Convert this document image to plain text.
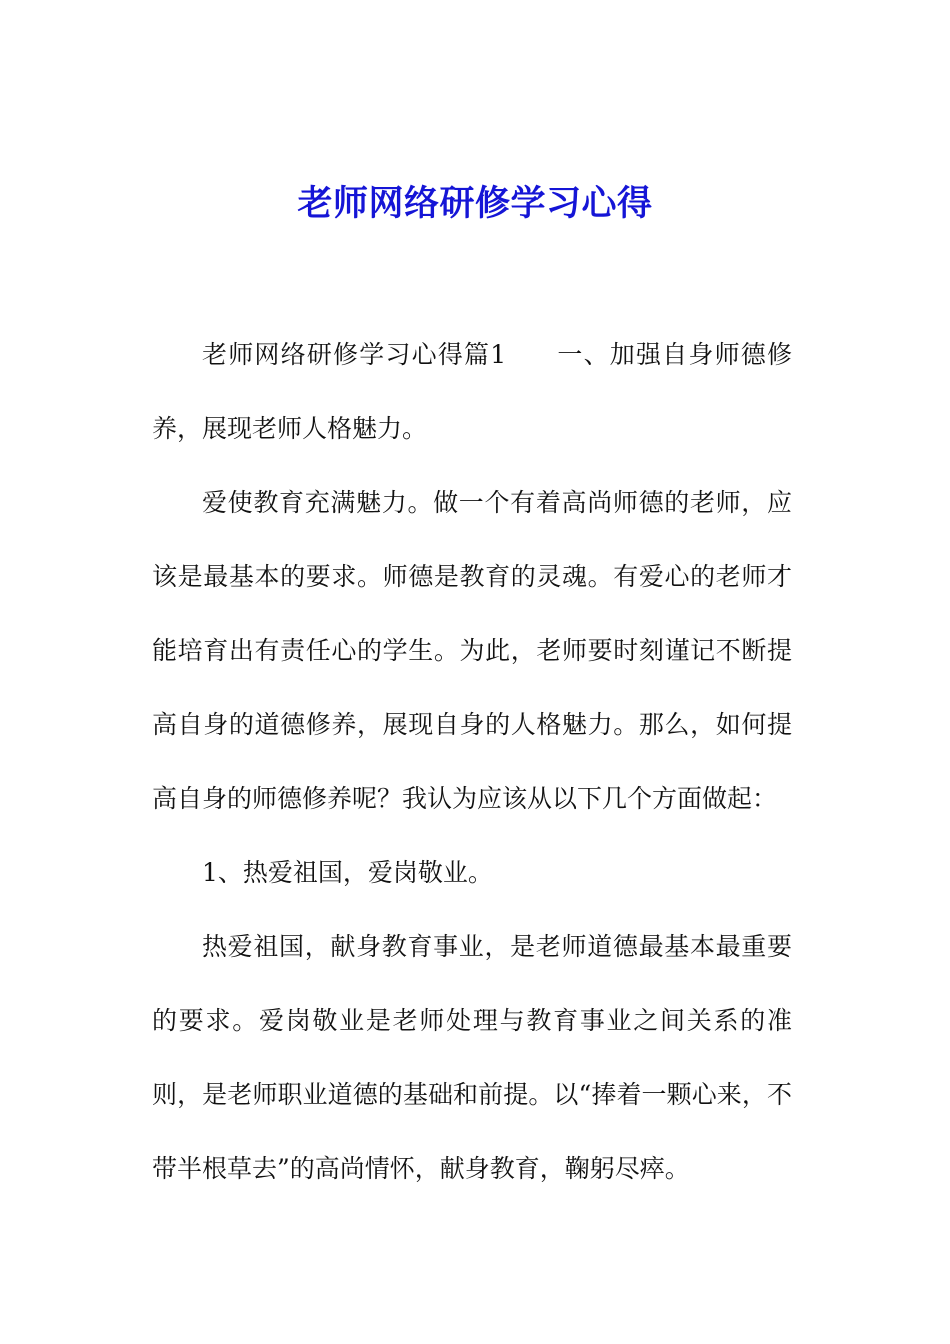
老师网络研修学习心得

老师网络研修学习心得篇1 一、加强自身师德修养，展现老师人格魅力。

爱使教育充满魅力。做一个有着高尚师德的老师，应该是最基本的要求。师德是教育的灵魂。有爱心的老师才能培育出有责任心的学生。为此，老师要时刻谨记不断提高自身的道德修养，展现自身的人格魅力。那么，如何提高自身的师德修养呢？我认为应该从以下几个方面做起：

1、热爱祖国，爱岗敬业。

热爱祖国，献身教育事业，是老师道德最基本最重要的要求。爱岗敬业是老师处理与教育事业之间关系的准则，是老师职业道德的基础和前提。以“捧着一颗心来，不带半根草去”的高尚情怀，献身教育，鞠躬尽瘁。
